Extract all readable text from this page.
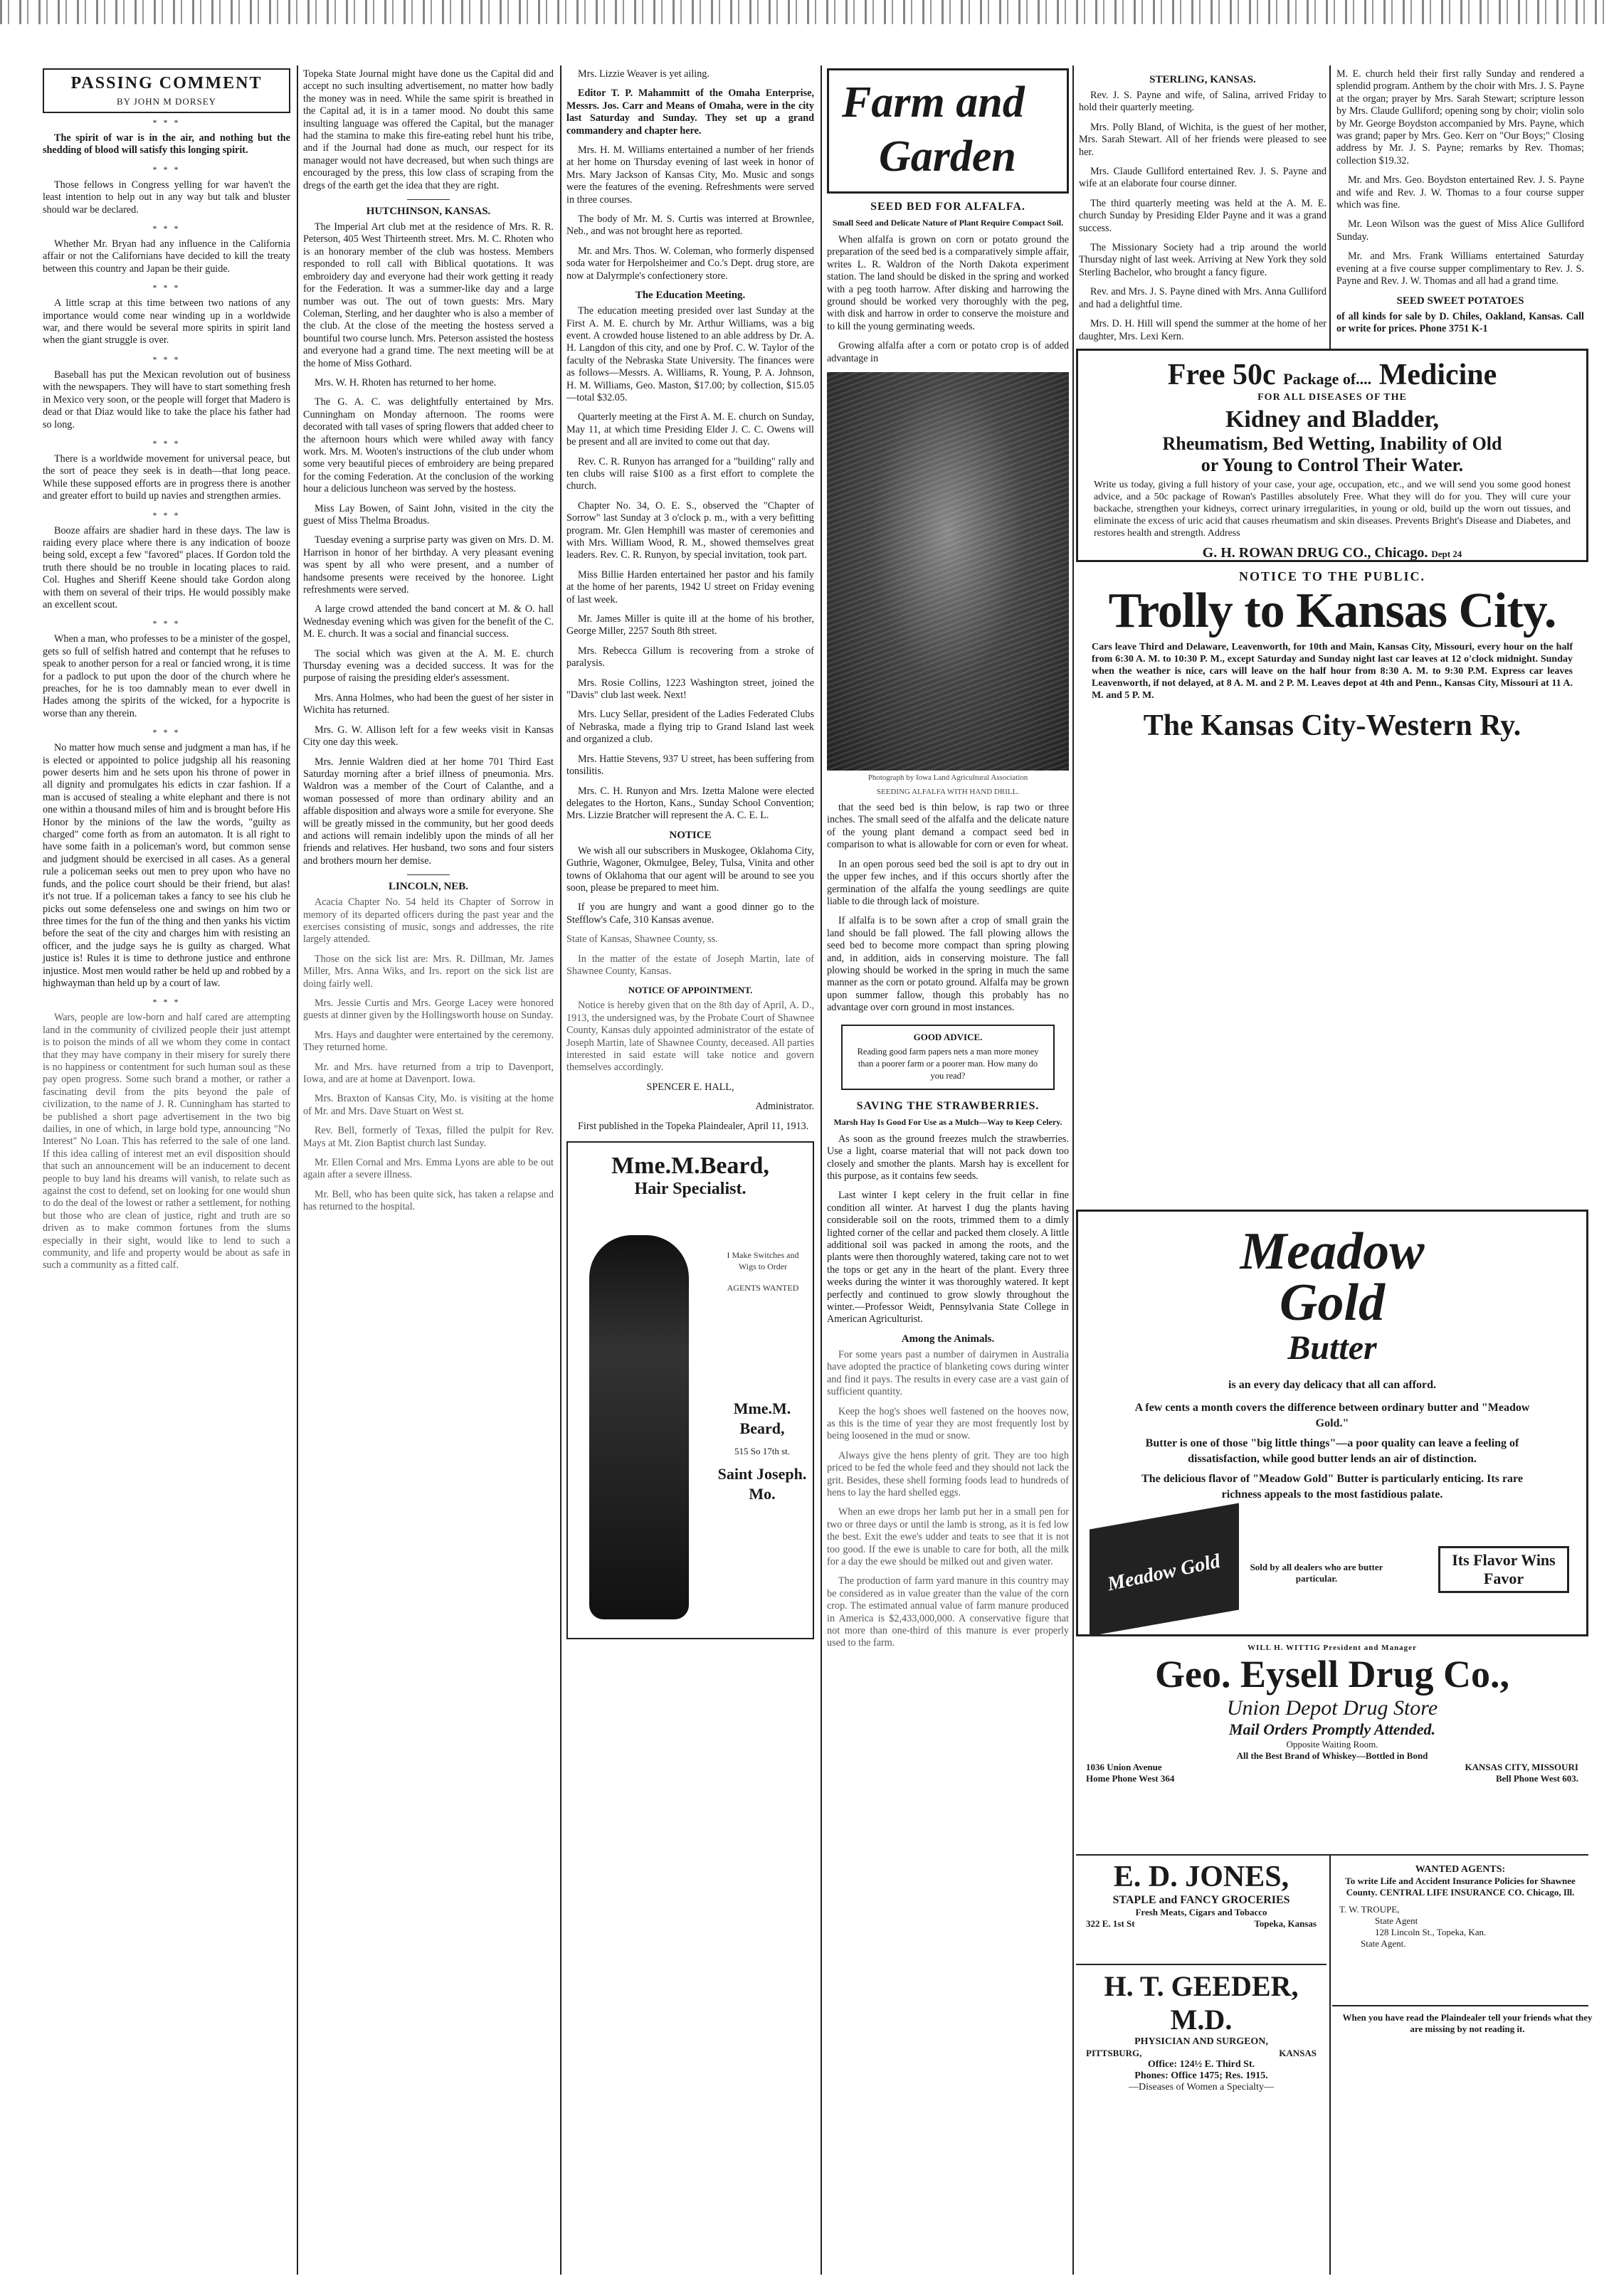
PASSING COMMENT
BY JOHN M DORSEY
* * *

The spirit of war is in the air, and nothing but the shedding of blood will satisfy this longing spirit.

* * *

Those fellows in Congress yelling for war haven't the least intention to help out in any way but talk and bluster should war be declared.

* * *

Whether Mr. Bryan had any influence in the California affair or not the Californians have decided to kill the treaty between this country and Japan be their guide.

* * *

A little scrap at this time between two nations of any importance would come near winding up in a worldwide war, and there would be several more spirits in spirit land when the giant struggle is over.

* * *

Baseball has put the Mexican revolution out of business with the newspapers. They will have to start something fresh in Mexico very soon, or the people will forget that Madero is dead or that Diaz would like to take the place his father had so long.

* * *

There is a worldwide movement for universal peace, but the sort of peace they seek is in death—that long peace. While these supposed efforts are in progress there is another and greater effort to build up navies and strengthen armies.

* * *

Booze affairs are shadier hard in these days. The law is raiding every place where there is any indication of booze being sold, except a few "favored" places. If Gordon told the truth there should be no trouble in locating places to raid. Col. Hughes and Sheriff Keene should take Gordon along with them on several of their trips. He would possibly make an excellent scout.

* * *

When a man, who professes to be a minister of the gospel, gets so full of selfish hatred and contempt that he refuses to speak to another person for a real or fancied wrong, it is time for a padlock to put upon the door of the church where he preaches, for he is too damnably mean to ever dwell in Hades among the spirits of the wicked, for a hypocrite is worse than any therein.

* * *

No matter how much sense and judgment a man has, if he is elected or appointed to police judgship all his reasoning power deserts him and he sets upon his throne of power in all dignity and promulgates his edicts in czar fashion. If a man is accused of stealing a white elephant and there is not one within a thousand miles of him and is brought before His Honor by the minions of the law the words, "guilty as charged" come forth as from an automaton. It is all right to have some faith in a policeman's word, but common sense and judgment should be exercised in all cases. As a general rule a policeman seeks out men to prey upon who have no funds, and the police court should be their friend, but alas! it's not true. If a policeman takes a fancy to see his club he picks out some defenseless one and swings on him two or three times for the fun of the thing and then yanks his victim before the seat of the city and charges him with resisting an officer, and the judge says he is guilty as charged. What justice is! Rules it is time to dethrone justice and enthrone injustice. Most men would rather be held up and robbed by a highwayman than held up by a court of law.

* * *

Wars, people are low-born and half cared are attempting land in the community of civilized people their just attempt is to poison the minds of all we whom they come in contact that they may have company in their misery for surely there is no happiness or contentment for such human soul as these pay open progress. Some such brand a mother, or rather a fascinating devil from the pits beyond the pale of civilization, to the name of J. R. Cunningham has started to be published a short page advertisement in the two big dailies, in one of which, in large bold type, announcing "No Interest" No Loan. This has referred to the sale of one land. If this idea calling of interest met an evil disposition should that such an announcement will be an inducement to decent people to buy land his dreams will vanish, to relate such as against the cost to defend, set on looking for one would shun to do the deal of the lowest or rather a settlement, for nothing but those who are clean of justice, right and truth are so driven as to make common fortunes from the slums especially in their sight, would like to lend to such a community, and life and property would be about as safe in such a community as a fitted calf.

Topeka State Journal might have done us the Capital did and accept no such insulting advertisement, no matter how badly the money was in need. While the same spirit is breathed in the Capital ad, it is in a tamer mood. No doubt this same insulting language was offered the Capital, but the manager had the stamina to make this fire-eating rebel hunt his tribe, and if the Journal had done as much, our respect for its manager would not have decreased, but when such things are encouraged by the press, this low class of scraping from the dregs of the earth get the idea that they are right.

HUTCHINSON, KANSAS.

The Imperial Art club met at the residence of Mrs. R. R. Peterson, 405 West Thirteenth street. Mrs. M. C. Rhoten who is an honorary member of the club was hostess. Members responded to roll call with Biblical quotations. It was embroidery day and everyone had their work getting it ready for the Federation. It was a summer-like day and a large number was out. The out of town guests: Mrs. Mary Coleman, Sterling, and her daughter who is also a member of the club. At the close of the meeting the hostess served a bountiful two course lunch. Mrs. Peterson assisted the hostess and everyone had a grand time. The next meeting will be at the home of Miss Gothard.

Mrs. W. H. Rhoten has returned to her home.

The G. A. C. was delightfully entertained by Mrs. Cunningham on Monday afternoon. The rooms were decorated with tall vases of spring flowers that added cheer to the afternoon hours which were whiled away with fancy work. Mrs. M. Wooten's instructions of the club under whom some very beautiful pieces of embroidery are being prepared for the coming Federation. At the conclusion of the working hour a delicious luncheon was served by the hostess.

Miss Lay Bowen, of Saint John, visited in the city the guest of Miss Thelma Broadus.

Tuesday evening a surprise party was given on Mrs. D. M. Harrison in honor of her birthday. A very pleasant evening was spent by all who were present, and a number of handsome presents were received by the honoree. Light refreshments were served.

A large crowd attended the band concert at M. & O. hall Wednesday evening which was given for the benefit of the C. M. E. church. It was a social and financial success.

The social which was given at the A. M. E. church Thursday evening was a decided success. It was for the purpose of raising the presiding elder's assessment.

Mrs. Anna Holmes, who had been the guest of her sister in Wichita has returned.

Mrs. G. W. Allison left for a few weeks visit in Kansas City one day this week.

Mrs. Jennie Waldren died at her home 701 Third East Saturday morning after a brief illness of pneumonia. Mrs. Waldron was a member of the Court of Calanthe, and a woman possessed of more than ordinary ability and an affable disposition and always wore a smile for everyone. She will be greatly missed in the community, but her good deeds and actions will remain indelibly upon the minds of all her friends and relatives. Her husband, two sons and four sisters and brothers mourn her demise.

LINCOLN, NEB.

Acacia Chapter No. 54 held its Chapter of Sorrow in memory of its departed officers during the past year and the exercises consisting of music, songs and addresses, the rite largely attended.

Those on the sick list are: Mrs. R. Dillman, Mr. James Miller, Mrs. Anna Wiks, and Irs. report on the sick list are doing fairly well.

Mrs. Jessie Curtis and Mrs. George Lacey were honored guests at dinner given by the Hollingsworth house on Sunday.

Mrs. Hays and daughter were entertained by the ceremony. They returned home.

Mr. and Mrs. have returned from a trip to Davenport, Iowa, and are at home at Davenport. Iowa.

Mrs. Braxton of Kansas City, Mo. is visiting at the home of Mr. and Mrs. Dave Stuart on West st.

Rev. Bell, formerly of Texas, filled the pulpit for Rev. Mays at Mt. Zion Baptist church last Sunday.

Mr. Ellen Cornal and Mrs. Emma Lyons are able to be out again after a severe illness.

Mr. Bell, who has been quite sick, has taken a relapse and has returned to the hospital.

Mrs. Lizzie Weaver is yet ailing.

Editor T. P. Mahammitt of the Omaha Enterprise, Messrs. Jos. Carr and Means of Omaha, were in the city last Saturday and Sunday. They set up a grand commandery and chapter here.

Mrs. H. M. Williams entertained a number of her friends at her home on Thursday evening of last week in honor of Mrs. Mary Jackson of Kansas City, Mo. Music and songs were the features of the evening. Refreshments were served in three courses.

The body of Mr. M. S. Curtis was interred at Brownlee, Neb., and was not brought here as reported.

Mr. and Mrs. Thos. W. Coleman, who formerly dispensed soda water for Herpolsheimer and Co.'s Dept. drug store, are now at Dalyrmple's confectionery store.

The Education Meeting.

The education meeting presided over last Sunday at the First A. M. E. church by Mr. Arthur Williams, was a big event. A crowded house listened to an able address by Dr. A. H. Langdon of this city, and one by Prof. C. W. Taylor of the faculty of the Nebraska State University. The finances were as follows—Messrs. A. Williams, R. Young, P. A. Johnson, H. M. Williams, Geo. Maston, $17.00; by collection, $15.05—total $32.05.

Quarterly meeting at the First A. M. E. church on Sunday, May 11, at which time Presiding Elder J. C. C. Owens will be present and all are invited to come out that day.

Rev. C. R. Runyon has arranged for a "building" rally and ten clubs will raise $100 as a first effort to complete the church.

Chapter No. 34, O. E. S., observed the "Chapter of Sorrow" last Sunday at 3 o'clock p. m., with a very befitting program. Mr. Glen Hemphill was master of ceremonies and with Mrs. William Wood, R. M., showed themselves great leaders. Rev. C. R. Runyon, by special invitation, took part.

Miss Billie Harden entertained her pastor and his family at the home of her parents, 1942 U street on Friday evening of last week.

Mr. James Miller is quite ill at the home of his brother, George Miller, 2257 South 8th street.

Mrs. Rebecca Gillum is recovering from a stroke of paralysis.

Mrs. Rosie Collins, 1223 Washington street, joined the "Davis" club last week. Next!

Mrs. Lucy Sellar, president of the Ladies Federated Clubs of Nebraska, made a flying trip to Grand Island last week and organized a club.

Mrs. Hattie Stevens, 937 U street, has been suffering from tonsilitis.

Mrs. C. H. Runyon and Mrs. Izetta Malone were elected delegates to the Horton, Kans., Sunday School Convention; Mrs. Lizzie Bratcher will represent the A. C. E. L.

NOTICE

We wish all our subscribers in Muskogee, Oklahoma City, Guthrie, Wagoner, Okmulgee, Beley, Tulsa, Vinita and other towns of Oklahoma that our agent will be around to see you soon, please be prepared to meet him.

If you are hungry and want a good dinner go to the Stefflow's Cafe, 310 Kansas avenue.

State of Kansas, Shawnee County, ss.

In the matter of the estate of Joseph Martin, late of Shawnee County, Kansas.

NOTICE OF APPOINTMENT.

Notice is hereby given that on the 8th day of April, A. D., 1913, the undersigned was, by the Probate Court of Shawnee County, Kansas duly appointed administrator of the estate of Joseph Martin, late of Shawnee County, deceased. All parties interested in said estate will take notice and govern themselves accordingly.

SPENCER E. HALL,

Administrator.

First published in the Topeka Plaindealer, April 11, 1913.

Mme.M.Beard,
Hair Specialist.
I Make Switches and Wigs to Order
AGENTS WANTED
Mme.M. Beard,
515 So 17th st.
Saint Joseph. Mo.
Farm and
Garden
SEED BED FOR ALFALFA.
Small Seed and Delicate Nature of Plant Require Compact Soil.

When alfalfa is grown on corn or potato ground the preparation of the seed bed is a comparatively simple affair, writes L. R. Waldron of the North Dakota experiment station. The land should be disked in the spring and worked with a peg tooth harrow. After disking and harrowing the ground should be worked very thoroughly with the peg, with disk and harrow in order to conserve the moisture and to kill the young germinating weeds.

Growing alfalfa after a corn or potato crop is of added advantage in

Photograph by Iowa Land Agricultural Association
SEEDING ALFALFA WITH HAND DRILL.

that the seed bed is thin below, is rap two or three inches. The small seed of the alfalfa and the delicate nature of the young plant demand a compact seed bed in comparison to what is allowable for corn or even for wheat.

In an open porous seed bed the soil is apt to dry out in the upper few inches, and if this occurs shortly after the germination of the alfalfa the young seedlings are quite liable to die through lack of moisture.

If alfalfa is to be sown after a crop of small grain the land should be fall plowed. The fall plowing allows the seed bed to become more compact than spring plowing and, in addition, aids in conserving moisture. The fall plowing should be worked in the spring in much the same manner as the corn or potato ground. Alfalfa may be grown upon summer fallow, though this probably has no advantage over corn ground in most instances.

GOOD ADVICE.

Reading good farm papers nets a man more money than a poorer farm or a poorer man. How many do you read?

SAVING THE STRAWBERRIES.
Marsh Hay Is Good For Use as a Mulch—Way to Keep Celery.

As soon as the ground freezes mulch the strawberries. Use a light, coarse material that will not pack down too closely and smother the plants. Marsh hay is excellent for this purpose, as it contains few seeds.

Last winter I kept celery in the fruit cellar in fine condition all winter. At harvest I dug the plants having considerable soil on the roots, trimmed them to a dimly lighted corner of the cellar and packed them closely. A little additional soil was packed in among the roots, and the plants were then thoroughly watered, taking care not to wet the tops or get any in the heart of the plant. Every three weeks during the winter it was thoroughly watered. It kept perfectly and continued to grow slowly throughout the winter.—Professor Weidt, Pennsylvania State College in American Agriculturist.

Among the Animals.

For some years past a number of dairymen in Australia have adopted the practice of blanketing cows during winter and find it pays. The results in every case are a vast gain of sufficient quantity.

Keep the hog's shoes well fastened on the hooves now, as this is the time of year they are most frequently lost by being loosened in the mud or snow.

Always give the hens plenty of grit. They are too high priced to be fed the whole feed and they should not lack the grit. Besides, these shell forming foods lead to hundreds of hens to lay the hard shelled eggs.

When an ewe drops her lamb put her in a small pen for two or three days or until the lamb is strong, as it is fed low the best. Exit the ewe's udder and teats to see that it is not too good. If the ewe is unable to care for both, all the milk for a day the ewe should be milked out and given water.

The production of farm yard manure in this country may be considered as in value greater than the value of the corn crop. The estimated annual value of farm manure produced in America is $2,433,000,000. A conservative figure that not more than one-third of this manure is ever properly used to the farm.

STERLING, KANSAS.

Rev. J. S. Payne and wife, of Salina, arrived Friday to hold their quarterly meeting.

Mrs. Polly Bland, of Wichita, is the guest of her mother, Mrs. Sarah Stewart. All of her friends were pleased to see her.

Mrs. Claude Gulliford entertained Rev. J. S. Payne and wife at an elaborate four course dinner.

The third quarterly meeting was held at the A. M. E. church Sunday by Presiding Elder Payne and it was a grand success.

The Missionary Society had a trip around the world Thursday night of last week. Arriving at New York they sold Sterling Bachelor, who brought a fancy figure.

Rev. and Mrs. J. S. Payne dined with Mrs. Anna Gulliford and had a delightful time.

Mrs. D. H. Hill will spend the summer at the home of her daughter, Mrs. Lexi Kern.

M. E. church held their first rally Sunday and rendered a splendid program. Anthem by the choir with Mrs. J. S. Payne at the organ; prayer by Mrs. Sarah Stewart; scripture lesson by Mrs. Claude Gulliford; opening song by choir; violin solo by Mr. George Boydston accompanied by Mrs. Payne, which was grand; paper by Mrs. Geo. Kerr on "Our Boys;" Closing address by Mr. J. S. Payne; remarks by Rev. Thomas; collection $19.32.

Mr. and Mrs. Geo. Boydston entertained Rev. J. S. Payne and wife and Rev. J. W. Thomas to a four course supper which was fine.

Mr. Leon Wilson was the guest of Miss Alice Gulliford Sunday.

Mr. and Mrs. Frank Williams entertained Saturday evening at a five course supper complimentary to Rev. J. S. Payne and Rev. J. W. Thomas and all had a grand time.

SEED SWEET POTATOES

of all kinds for sale by D. Chiles, Oakland, Kansas. Call or write for prices. Phone 3751 K-1

Free 50c Package of.... Medicine
FOR ALL DISEASES OF THE
Kidney and Bladder,
Rheumatism, Bed Wetting, Inability of Old
or Young to Control Their Water.
Write us today, giving a full history of your case, your age, occupation, etc., and we will send you some good honest advice, and a 50c package of Rowan's Pastilles absolutely Free. What they will do for you. They will cure your backache, strengthen your kidneys, correct urinary irregularities, in young or old, build up the worn out tissues, and eliminate the excess of uric acid that causes rheumatism and skin diseases. Prevents Bright's Disease and Diabetes, and restores health and strength. Address
G. H. ROWAN DRUG CO., Chicago. Dept 24
NOTICE TO THE PUBLIC.
Trolly to Kansas City.
Cars leave Third and Delaware, Leavenworth, for 10th and Main, Kansas City, Missouri, every hour on the half from 6:30 A. M. to 10:30 P. M., except Saturday and Sunday night last car leaves at 12 o'clock midnight. Sunday when the weather is nice, cars will leave on the half hour from 8:30 A. M. to 9:30 P.M. Express car leaves Leavenworth, if not delayed, at 8 A. M. and 2 P. M. Leaves depot at 4th and Penn., Kansas City, Missouri at 11 A. M. and 5 P. M.
The Kansas City-Western Ry.
Meadow
Gold
Butter
is an every day delicacy that all can afford.
A few cents a month covers the difference between ordinary butter and "Meadow Gold."
Butter is one of those "big little things"—a poor quality can leave a feeling of dissatisfaction, while good butter lends an air of distinction.
The delicious flavor of "Meadow Gold" Butter is particularly enticing. Its rare richness appeals to the most fastidious palate.
Meadow Gold	Sold by all dealers who are butter particular.
Its Flavor Wins Favor
WILL H. WITTIG President and Manager
Geo. Eysell Drug Co.,
Union Depot Drug Store
Mail Orders Promptly Attended.
Opposite Waiting Room.
All the Best Brand of Whiskey—Bottled in Bond
1036 Union Avenue	KANSAS CITY, MISSOURI
Home Phone West 364	Bell Phone West 603.
E. D. JONES,
STAPLE and FANCY GROCERIES
Fresh Meats, Cigars and Tobacco
322 E. 1st St	Topeka, Kansas
H. T. GEEDER, M.D.
PHYSICIAN AND SURGEON,
PITTSBURG,	KANSAS
Office: 124½ E. Third St.
Phones: Office 1475; Res. 1915.
—Diseases of Women a Specialty—
WANTED AGENTS:
To write Life and Accident Insurance Policies for Shawnee County. CENTRAL LIFE INSURANCE CO. Chicago, Ill.
T. W. TROUPE,
State Agent
128 Lincoln St., Topeka, Kan.
State Agent.
When you have read the Plaindealer tell your friends what they are missing by not reading it.
